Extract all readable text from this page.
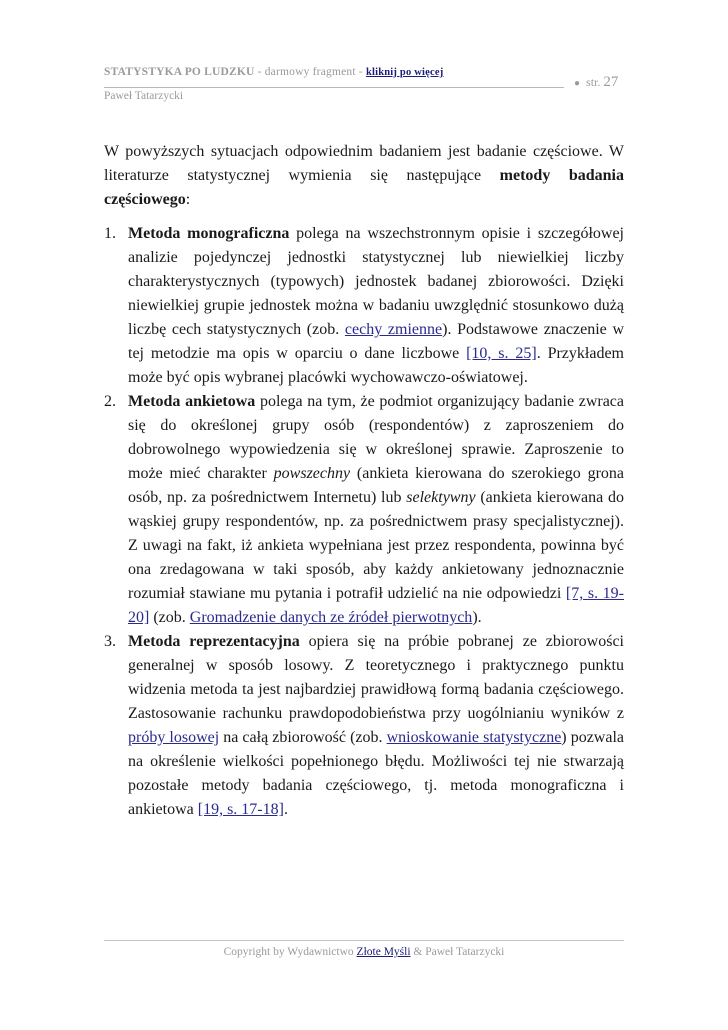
STATYSTYKA PO LUDZKU - darmowy fragment - kliknij po więcej
Paweł Tatarzycki
● str. 27

W powyższych sytuacjach odpowiednim badaniem jest badanie częściowe. W literaturze statystycznej wymienia się następujące metody badania częściowego:

1. Metoda monograficzna polega na wszechstronnym opisie i szczegółowej analizie pojedynczej jednostki statystycznej lub niewielkiej liczby charakterystycznych (typowych) jednostek badanej zbiorowości. Dzięki niewielkiej grupie jednostek można w badaniu uwzględnić stosunkowo dużą liczbę cech statystycznych (zob. cechy zmienne). Podstawowe znaczenie w tej metodzie ma opis w oparciu o dane liczbowe [10, s. 25]. Przykładem może być opis wybranej placówki wychowawczo-oświatowej.
2. Metoda ankietowa polega na tym, że podmiot organizujący badanie zwraca się do określonej grupy osób (respondentów) z zaproszeniem do dobrowolnego wypowiedzenia się w określonej sprawie. Zaproszenie to może mieć charakter powszechny (ankieta kierowana do szerokiego grona osób, np. za pośrednictwem Internetu) lub selektywny (ankieta kierowana do wąskiej grupy respondentów, np. za pośrednictwem prasy specjalistycznej). Z uwagi na fakt, iż ankieta wypełniana jest przez respondenta, powinna być ona zredagowana w taki sposób, aby każdy ankietowany jednoznacznie rozumiał stawiane mu pytania i potrafił udzielić na nie odpowiedzi [7, s. 19-20] (zob. Gromadzenie danych ze źródeł pierwotnych).
3. Metoda reprezentacyjna opiera się na próbie pobranej ze zbiorowości generalnej w sposób losowy. Z teoretycznego i praktycznego punktu widzenia metoda ta jest najbardziej prawidłową formą badania częściowego. Zastosowanie rachunku prawdopodobieństwa przy uogólnianiu wyników z próby losowej na całą zbiorowość (zob. wnioskowanie statystyczne) pozwala na określenie wielkości popełnionego błędu. Możliwości tej nie stwarzają pozostałe metody badania częściowego, tj. metoda monograficzna i ankietowa [19, s. 17-18].
Copyright by Wydawnictwo Złote Myśli & Paweł Tatarzycki
